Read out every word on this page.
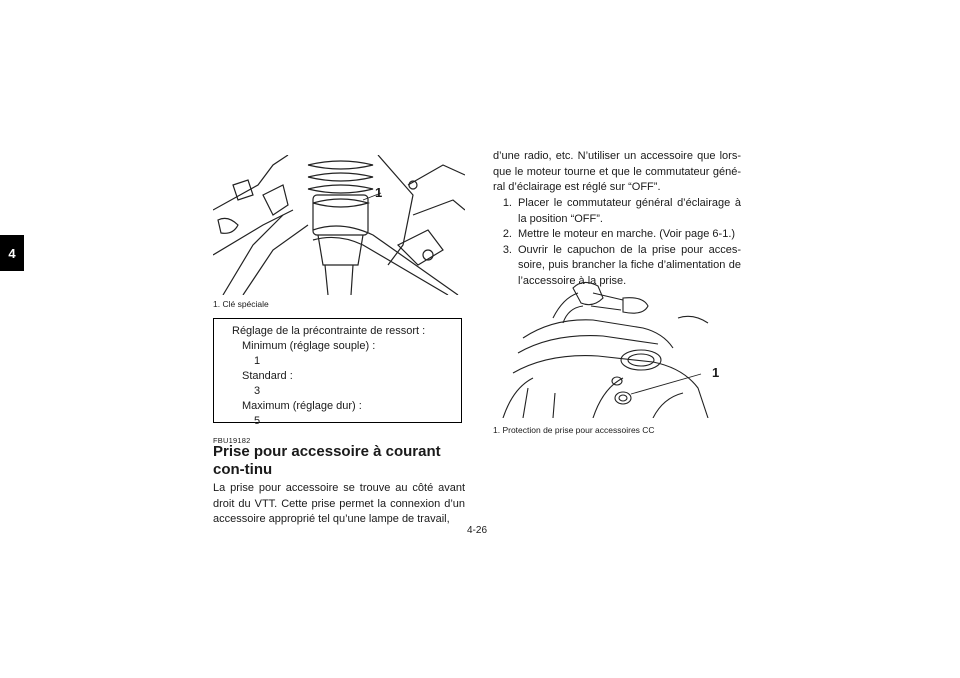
4
1
1. Clé spéciale
Réglage de la précontrainte de ressort :
Minimum (réglage souple) :
1
Standard :
3
Maximum (réglage dur) :
5
FBU19182
Prise pour accessoire à courant con-tinu

La prise pour accessoire se trouve au côté avant droit du VTT. Cette prise permet la connexion d’un accessoire approprié tel qu’une lampe de travail,

d’une radio, etc. N’utiliser un accessoire que lors-que le moteur tourne et que le commutateur géné-ral d’éclairage est réglé sur “OFF”.

1. Placer le commutateur général d’éclairage à la position “OFF”.
2. Mettre le moteur en marche. (Voir page 6-1.)
3. Ouvrir le capuchon de la prise pour acces-soire, puis brancher la fiche d’alimentation de l’accessoire à la prise.
1
1. Protection de prise pour accessoires CC
4-26
